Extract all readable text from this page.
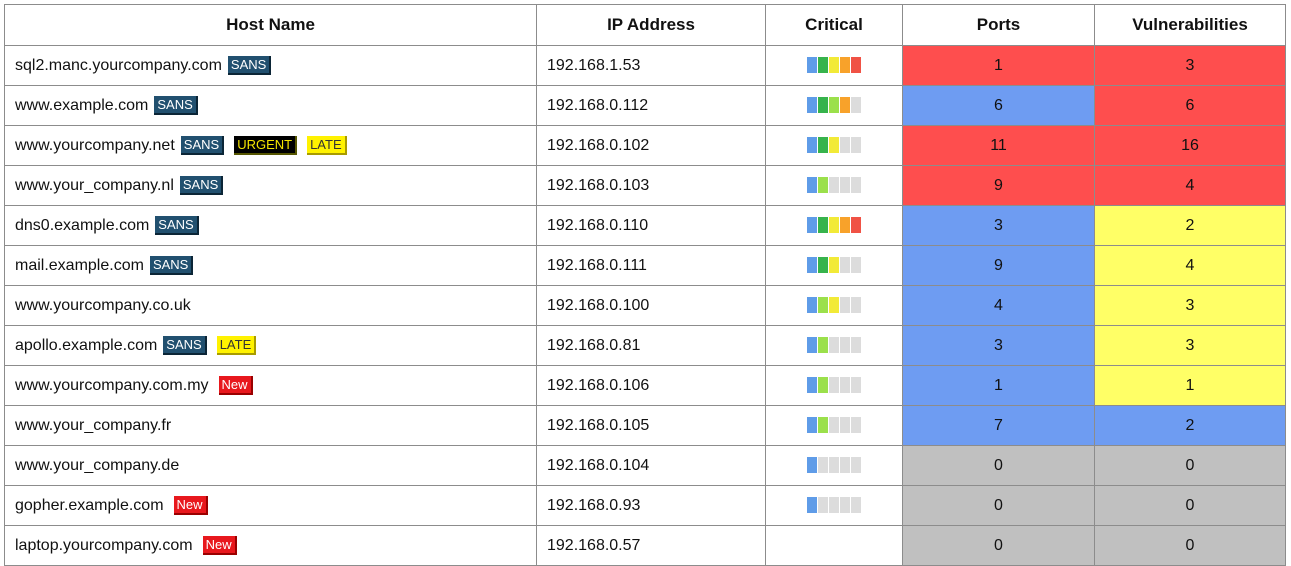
Host Name	IP Address	Critical	Ports	Vulnerabilities
sql2.manc.yourcompany.com SANS	192.168.1.53		1	3
www.example.com SANS	192.168.0.112		6	6
www.yourcompany.net SANS URGENT LATE	192.168.0.102		11	16
www.your_company.nl SANS	192.168.0.103		9	4
dns0.example.com SANS	192.168.0.110		3	2
mail.example.com SANS	192.168.0.111		9	4
www.yourcompany.co.uk	192.168.0.100		4	3
apollo.example.com SANS LATE	192.168.0.81		3	3
www.yourcompany.com.my New	192.168.0.106		1	1
www.your_company.fr	192.168.0.105		7	2
www.your_company.de	192.168.0.104		0	0
gopher.example.com New	192.168.0.93		0	0
laptop.yourcompany.com New	192.168.0.57		0	0
